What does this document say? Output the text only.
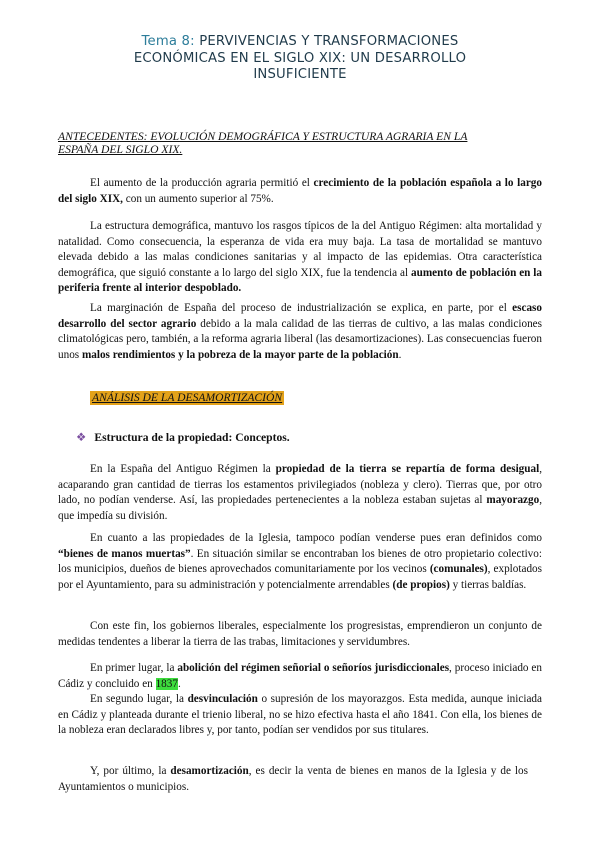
Tema 8: PERVIVENCIAS Y TRANSFORMACIONES
ECONÓMICAS EN EL SIGLO XIX: UN DESARROLLO
INSUFICIENTE
ANTECEDENTES: EVOLUCIÓN DEMOGRÁFICA Y ESTRUCTURA AGRARIA EN LA
ESPAÑA DEL SIGLO XIX.

El aumento de la producción agraria permitió el crecimiento de la población española a lo largo del siglo XIX, con un aumento superior al 75%.

La estructura demográfica, mantuvo los rasgos típicos de la del Antiguo Régimen: alta mortalidad y natalidad. Como consecuencia, la esperanza de vida era muy baja. La tasa de mortalidad se mantuvo elevada debido a las malas condiciones sanitarias y al impacto de las epidemias. Otra característica demográfica, que siguió constante a lo largo del siglo XIX, fue la tendencia al aumento de población en la periferia frente al interior despoblado.

La marginación de España del proceso de industrialización se explica, en parte, por el escaso desarrollo del sector agrario debido a la mala calidad de las tierras de cultivo, a las malas condiciones climatológicas pero, también, a la reforma agraria liberal (las desamortizaciones). Las consecuencias fueron unos malos rendimientos y la pobreza de la mayor parte de la población.

ANÁLISIS DE LA DESAMORTIZACIÓN
❖ Estructura de la propiedad: Conceptos.

En la España del Antiguo Régimen la propiedad de la tierra se repartía de forma desigual, acaparando gran cantidad de tierras los estamentos privilegiados (nobleza y clero). Tierras que, por otro lado, no podían venderse. Así, las propiedades pertenecientes a la nobleza estaban sujetas al mayorazgo, que impedía su división.

En cuanto a las propiedades de la Iglesia, tampoco podían venderse pues eran definidos como “bienes de manos muertas”. En situación similar se encontraban los bienes de otro propietario colectivo: los municipios, dueños de bienes aprovechados comunitariamente por los vecinos (comunales), explotados por el Ayuntamiento, para su administración y potencialmente arrendables (de propios) y tierras baldías.

Con este fin, los gobiernos liberales, especialmente los progresistas, emprendieron un conjunto de medidas tendentes a liberar la tierra de las trabas, limitaciones y servidumbres.

En primer lugar, la abolición del régimen señorial o señoríos jurisdiccionales, proceso iniciado en Cádiz y concluido en 1837.

En segundo lugar, la desvinculación o supresión de los mayorazgos. Esta medida, aunque iniciada en Cádiz y planteada durante el trienio liberal, no se hizo efectiva hasta el año 1841. Con ella, los bienes de la nobleza eran declarados libres y, por tanto, podían ser vendidos por sus titulares.

Y, por último, la desamortización, es decir la venta de bienes en manos de la Iglesia y de los Ayuntamientos o municipios.
